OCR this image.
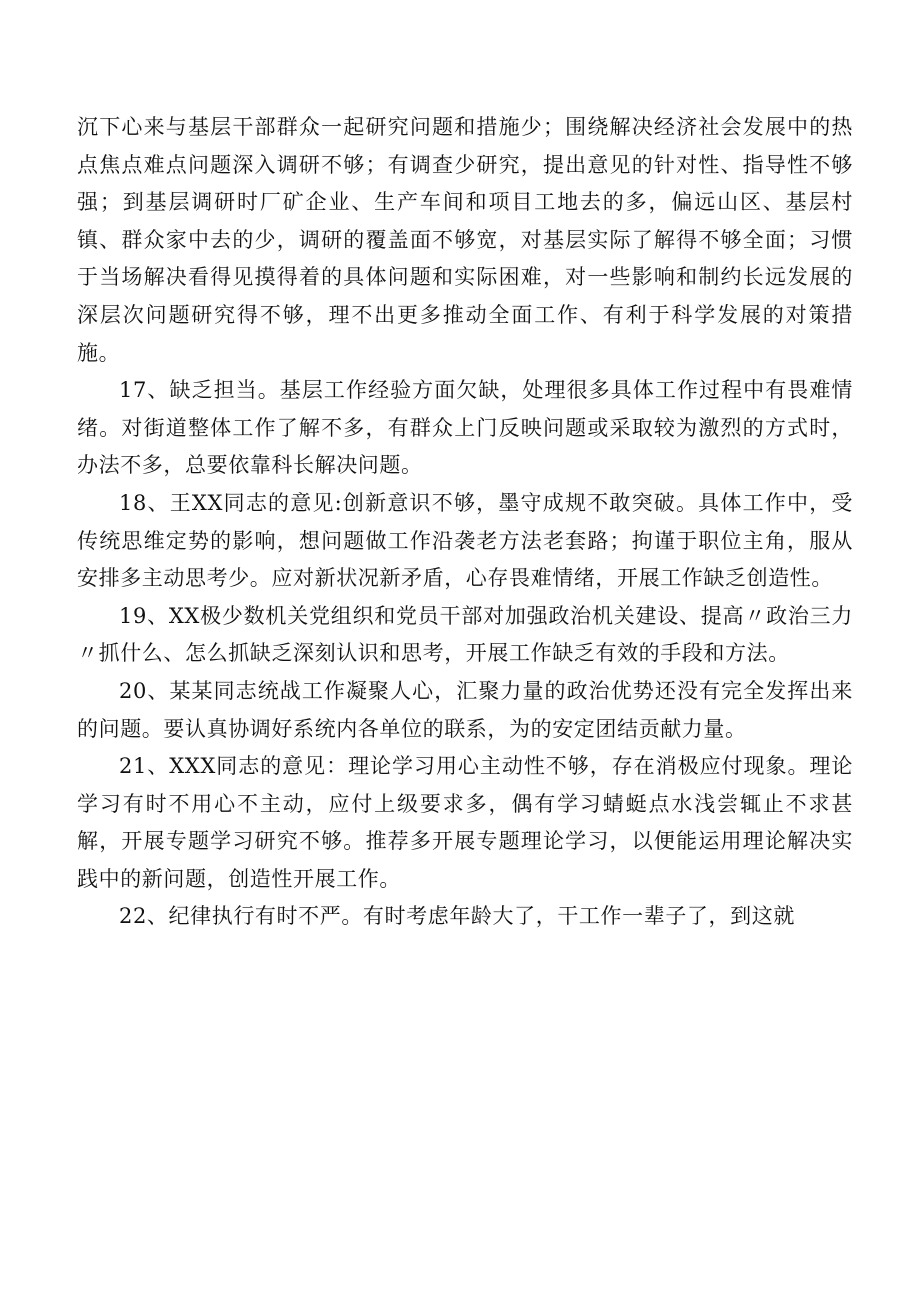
沉下心来与基层干部群众一起研究问题和措施少；围绕解决经济社会发展中的热点焦点难点问题深入调研不够；有调查少研究，提出意见的针对性、指导性不够强；到基层调研时厂矿企业、生产车间和项目工地去的多，偏远山区、基层村镇、群众家中去的少，调研的覆盖面不够宽，对基层实际了解得不够全面；习惯于当场解决看得见摸得着的具体问题和实际困难，对一些影响和制约长远发展的深层次问题研究得不够，理不出更多推动全面工作、有利于科学发展的对策措施。

17、缺乏担当。基层工作经验方面欠缺，处理很多具体工作过程中有畏难情绪。对街道整体工作了解不多，有群众上门反映问题或采取较为激烈的方式时，办法不多，总要依靠科长解决问题。

18、王XX同志的意见:创新意识不够，墨守成规不敢突破。具体工作中，受传统思维定势的影响，想问题做工作沿袭老方法老套路；拘谨于职位主角，服从安排多主动思考少。应对新状况新矛盾，心存畏难情绪，开展工作缺乏创造性。

19、XX极少数机关党组织和党员干部对加强政治机关建设、提高〃政治三力〃抓什么、怎么抓缺乏深刻认识和思考，开展工作缺乏有效的手段和方法。

20、某某同志统战工作凝聚人心，汇聚力量的政治优势还没有完全发挥出来的问题。要认真协调好系统内各单位的联系，为的安定团结贡献力量。

21、XXX同志的意见：理论学习用心主动性不够，存在消极应付现象。理论学习有时不用心不主动，应付上级要求多，偶有学习蜻蜓点水浅尝辄止不求甚解，开展专题学习研究不够。推荐多开展专题理论学习，以便能运用理论解决实践中的新问题，创造性开展工作。

22、纪律执行有时不严。有时考虑年龄大了，干工作一辈子了，到这就
